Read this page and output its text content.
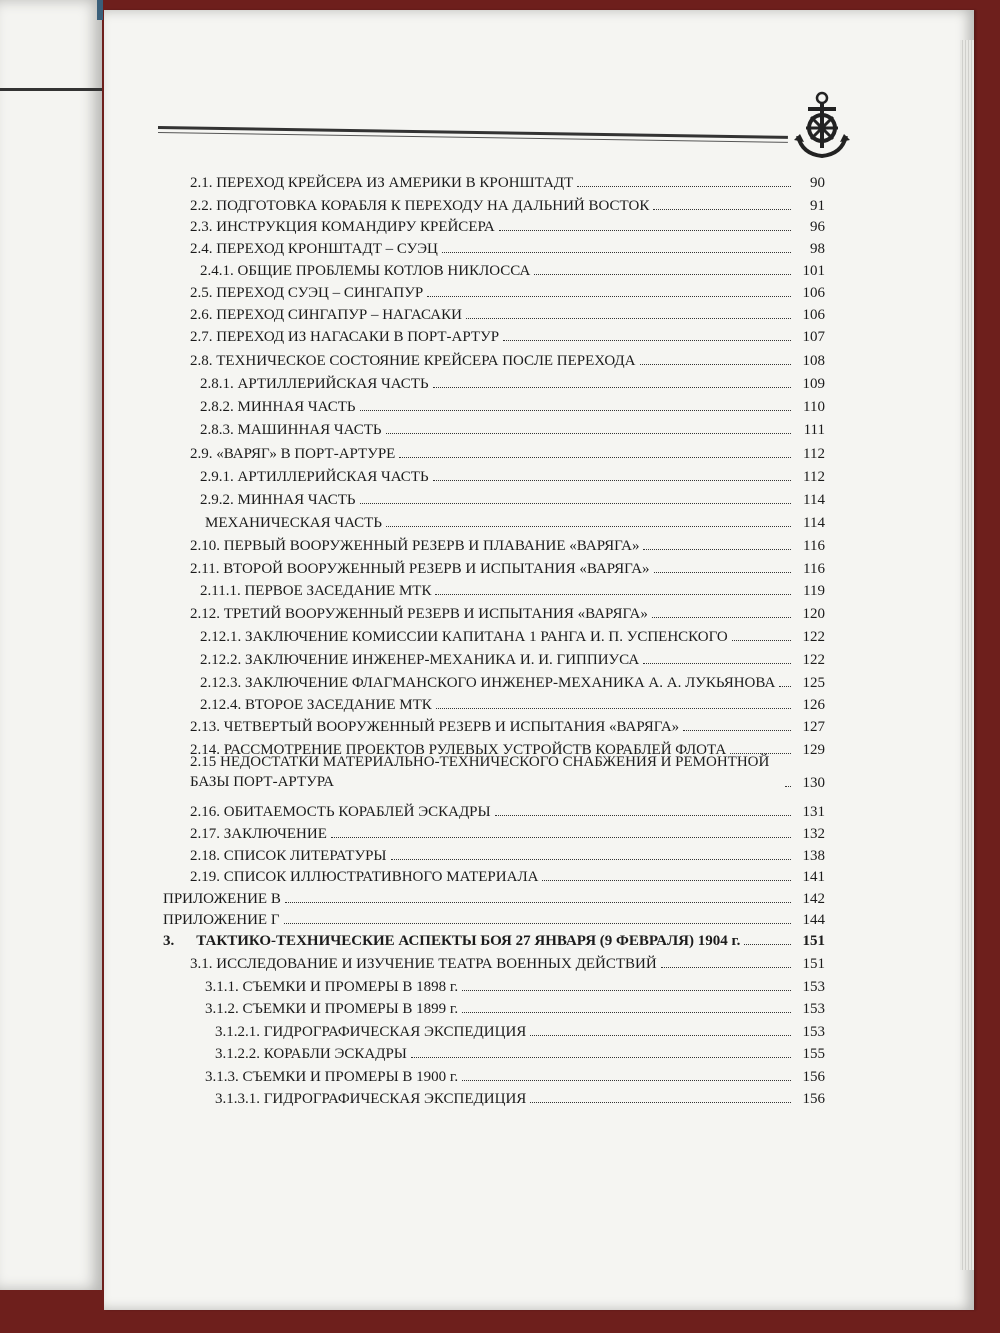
2.1. ПЕРЕХОД КРЕЙСЕРА ИЗ АМЕРИКИ В КРОНШТАДТ	90
2.2. ПОДГОТОВКА КОРАБЛЯ К ПЕРЕХОДУ НА ДАЛЬНИЙ ВОСТОК	91
2.3. ИНСТРУКЦИЯ КОМАНДИРУ КРЕЙСЕРА	96
2.4. ПЕРЕХОД КРОНШТАДТ – СУЭЦ	98
2.4.1. ОБЩИЕ ПРОБЛЕМЫ КОТЛОВ НИКЛОССА	101
2.5. ПЕРЕХОД СУЭЦ – СИНГАПУР	106
2.6. ПЕРЕХОД СИНГАПУР – НАГАСАКИ	106
2.7. ПЕРЕХОД ИЗ НАГАСАКИ В ПОРТ-АРТУР	107
2.8. ТЕХНИЧЕСКОЕ СОСТОЯНИЕ КРЕЙСЕРА ПОСЛЕ ПЕРЕХОДА	108
2.8.1. АРТИЛЛЕРИЙСКАЯ ЧАСТЬ	109
2.8.2. МИННАЯ ЧАСТЬ	110
2.8.3. МАШИННАЯ ЧАСТЬ	111
2.9. «ВАРЯГ» В ПОРТ-АРТУРЕ	112
2.9.1. АРТИЛЛЕРИЙСКАЯ ЧАСТЬ	112
2.9.2. МИННАЯ ЧАСТЬ	114
МЕХАНИЧЕСКАЯ ЧАСТЬ	114
2.10. ПЕРВЫЙ ВООРУЖЕННЫЙ РЕЗЕРВ И ПЛАВАНИЕ «ВАРЯГА»	116
2.11. ВТОРОЙ ВООРУЖЕННЫЙ РЕЗЕРВ И ИСПЫТАНИЯ «ВАРЯГА»	116
2.11.1. ПЕРВОЕ ЗАСЕДАНИЕ МТК	119
2.12. ТРЕТИЙ ВООРУЖЕННЫЙ РЕЗЕРВ И ИСПЫТАНИЯ «ВАРЯГА»	120
2.12.1. ЗАКЛЮЧЕНИЕ КОМИССИИ КАПИТАНА 1 РАНГА И. П. УСПЕНСКОГО	122
2.12.2. ЗАКЛЮЧЕНИЕ ИНЖЕНЕР-МЕХАНИКА И. И. ГИППИУСА	122
2.12.3. ЗАКЛЮЧЕНИЕ ФЛАГМАНСКОГО ИНЖЕНЕР-МЕХАНИКА А. А. ЛУКЬЯНОВА	125
2.12.4. ВТОРОЕ ЗАСЕДАНИЕ МТК	126
2.13. ЧЕТВЕРТЫЙ ВООРУЖЕННЫЙ РЕЗЕРВ И ИСПЫТАНИЯ «ВАРЯГА»	127
2.14. РАССМОТРЕНИЕ ПРОЕКТОВ РУЛЕВЫХ УСТРОЙСТВ КОРАБЛЕЙ ФЛОТА	129
2.15 НЕДОСТАТКИ МАТЕРИАЛЬНО-ТЕХНИЧЕСКОГО СНАБЖЕНИЯ И РЕМОНТНОЙ БАЗЫ ПОРТ-АРТУРА	130
2.16. ОБИТАЕМОСТЬ КОРАБЛЕЙ ЭСКАДРЫ	131
2.17. ЗАКЛЮЧЕНИЕ	132
2.18. СПИСОК ЛИТЕРАТУРЫ	138
2.19. СПИСОК ИЛЛЮСТРАТИВНОГО МАТЕРИАЛА	141
ПРИЛОЖЕНИЕ В	142
ПРИЛОЖЕНИЕ Г	144
3. ТАКТИКО-ТЕХНИЧЕСКИЕ АСПЕКТЫ БОЯ 27 ЯНВАРЯ (9 ФЕВРАЛЯ) 1904 г.	151
3.1. ИССЛЕДОВАНИЕ И ИЗУЧЕНИЕ ТЕАТРА ВОЕННЫХ ДЕЙСТВИЙ	151
3.1.1. СЪЕМКИ И ПРОМЕРЫ В 1898 г.	153
3.1.2. СЪЕМКИ И ПРОМЕРЫ В 1899 г.	153
3.1.2.1. ГИДРОГРАФИЧЕСКАЯ ЭКСПЕДИЦИЯ	153
3.1.2.2. КОРАБЛИ ЭСКАДРЫ	155
3.1.3. СЪЕМКИ И ПРОМЕРЫ В 1900 г.	156
3.1.3.1. ГИДРОГРАФИЧЕСКАЯ ЭКСПЕДИЦИЯ	156
